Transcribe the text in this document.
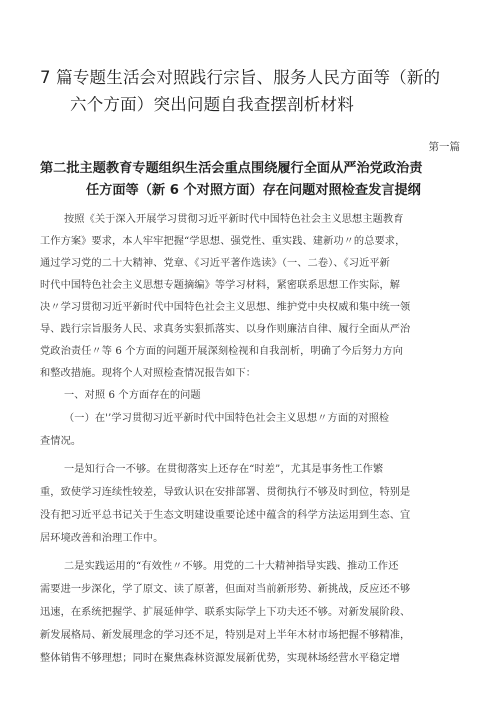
7 篇专题生活会对照践行宗旨、服务人民方面等（新的
六个方面）突出问题自我查摆剖析材料
第一篇
第二批主题教育专题组织生活会重点围绕履行全面从严治党政治责
任方面等（新 6 个对照方面）存在问题对照检查发言提纲
按照《关于深入开展学习贯彻习近平新时代中国特色社会主义思想主题教育
工作方案》要求，本人牢牢把握“学思想、强党性、重实践、建新功〃的总要求，
通过学习党的二十大精神、党章、《习近平著作选读》（一、二卷）、《习近平新
时代中国特色社会主义思想专题摘编》等学习材料，紧密联系思想工作实际，解
决〃学习贯彻习近平新时代中国特色社会主义思想、维护党中央权威和集中统一领
导、践行宗旨服务人民、求真务实狠抓落实、以身作则廉洁自律、履行全面从严治
党政治责任〃等 6 个方面的问题开展深刻检视和自我剖析，明确了今后努力方向
和整改措施。现将个人对照检查情况报告如下：
一、对照 6 个方面存在的问题
（一）在'’学习贯彻习近平新时代中国特色社会主义思想〃方面的对照检
查情况。
一是知行合一不够。在贯彻落实上还存在“时差”，尤其是事务性工作繁
重，致使学习连续性较差，导致认识在安排部署、贯彻执行不够及时到位，特别是
没有把习近平总书记关于生态文明建设重要论述中蕴含的科学方法运用到生态、宜
居环境改善和治理工作中。
二是实践运用的“有效性〃不够。用党的二十大精神指导实践、推动工作还
需要进一步深化，学了原文、读了原著，但面对当前新形势、新挑战，反应还不够
迅速，在系统把握学、扩展延伸学、联系实际学上下功夫还不够。对新发展阶段、
新发展格局、新发展理念的学习还不足，特别是对上半年木材市场把握不够精准，
整体销售不够理想；同时在聚焦森林资源发展新优势，实现林场经营水平稳定增
